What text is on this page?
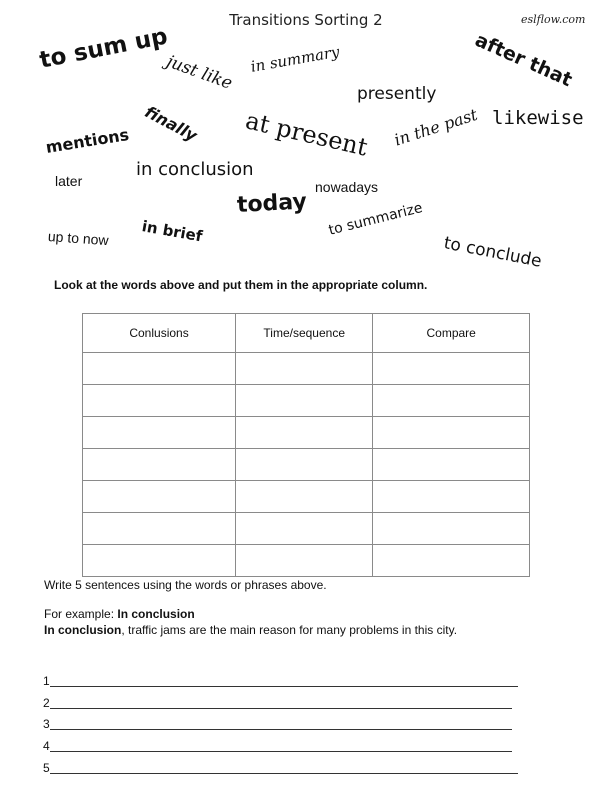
Transitions Sorting 2	eslflow.com
to sum up
just like in summary	after that
presently
finally at present	likewise
mentions	in the past
in conclusion
later
today
nowadays
in brief	to summarize
to conclude
up to now
Look at the words above and put them in the appropriate column.
Conlusions	Time/sequence	Compare

Write 5 sentences using the words or phrases above.
For example: In conclusion
In conclusion, traffic jams are the main reason for many problems in this city.
1
2
3
4
5
